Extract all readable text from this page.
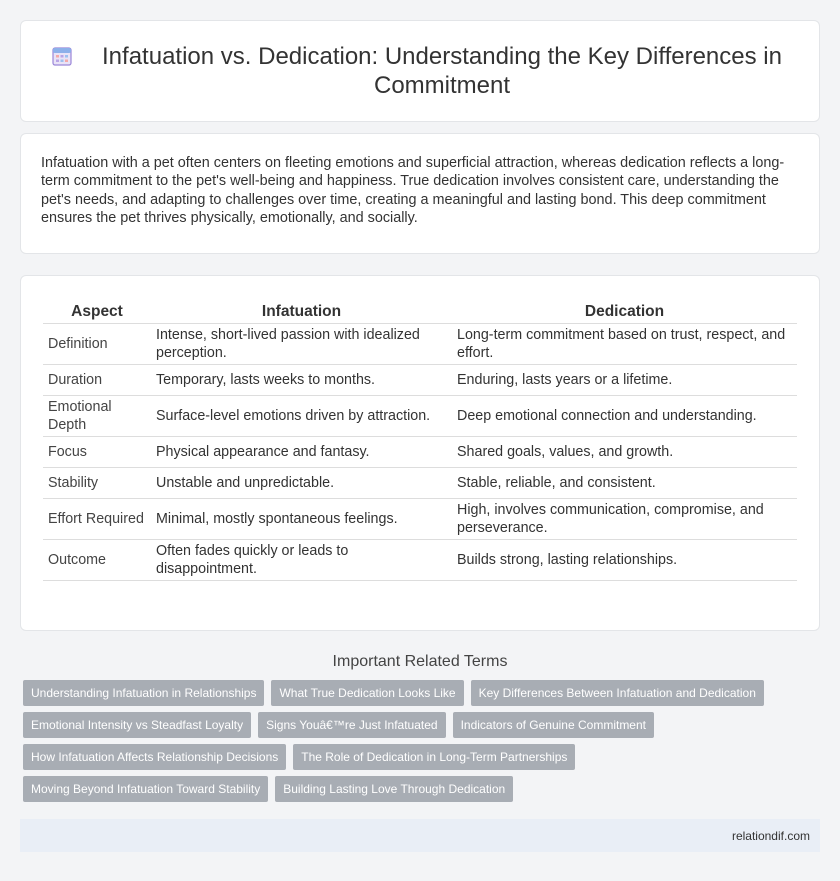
Infatuation vs. Dedication: Understanding the Key Differences in Commitment

Infatuation with a pet often centers on fleeting emotions and superficial attraction, whereas dedication reflects a long-term commitment to the pet's well-being and happiness. True dedication involves consistent care, understanding the pet's needs, and adapting to challenges over time, creating a meaningful and lasting bond. This deep commitment ensures the pet thrives physically, emotionally, and socially.

Aspect	Infatuation	Dedication
Definition	Intense, short-lived passion with idealized perception.	Long-term commitment based on trust, respect, and effort.
Duration	Temporary, lasts weeks to months.	Enduring, lasts years or a lifetime.
Emotional Depth	Surface-level emotions driven by attraction.	Deep emotional connection and understanding.
Focus	Physical appearance and fantasy.	Shared goals, values, and growth.
Stability	Unstable and unpredictable.	Stable, reliable, and consistent.
Effort Required	Minimal, mostly spontaneous feelings.	High, involves communication, compromise, and perseverance.
Outcome	Often fades quickly or leads to disappointment.	Builds strong, lasting relationships.
Important Related Terms
Understanding Infatuation in Relationships	What True Dedication Looks Like	Key Differences Between Infatuation and Dedication
Emotional Intensity vs Steadfast Loyalty	Signs Youâ€™re Just Infatuated	Indicators of Genuine Commitment
How Infatuation Affects Relationship Decisions	The Role of Dedication in Long-Term Partnerships
Moving Beyond Infatuation Toward Stability	Building Lasting Love Through Dedication
relationdif.com
